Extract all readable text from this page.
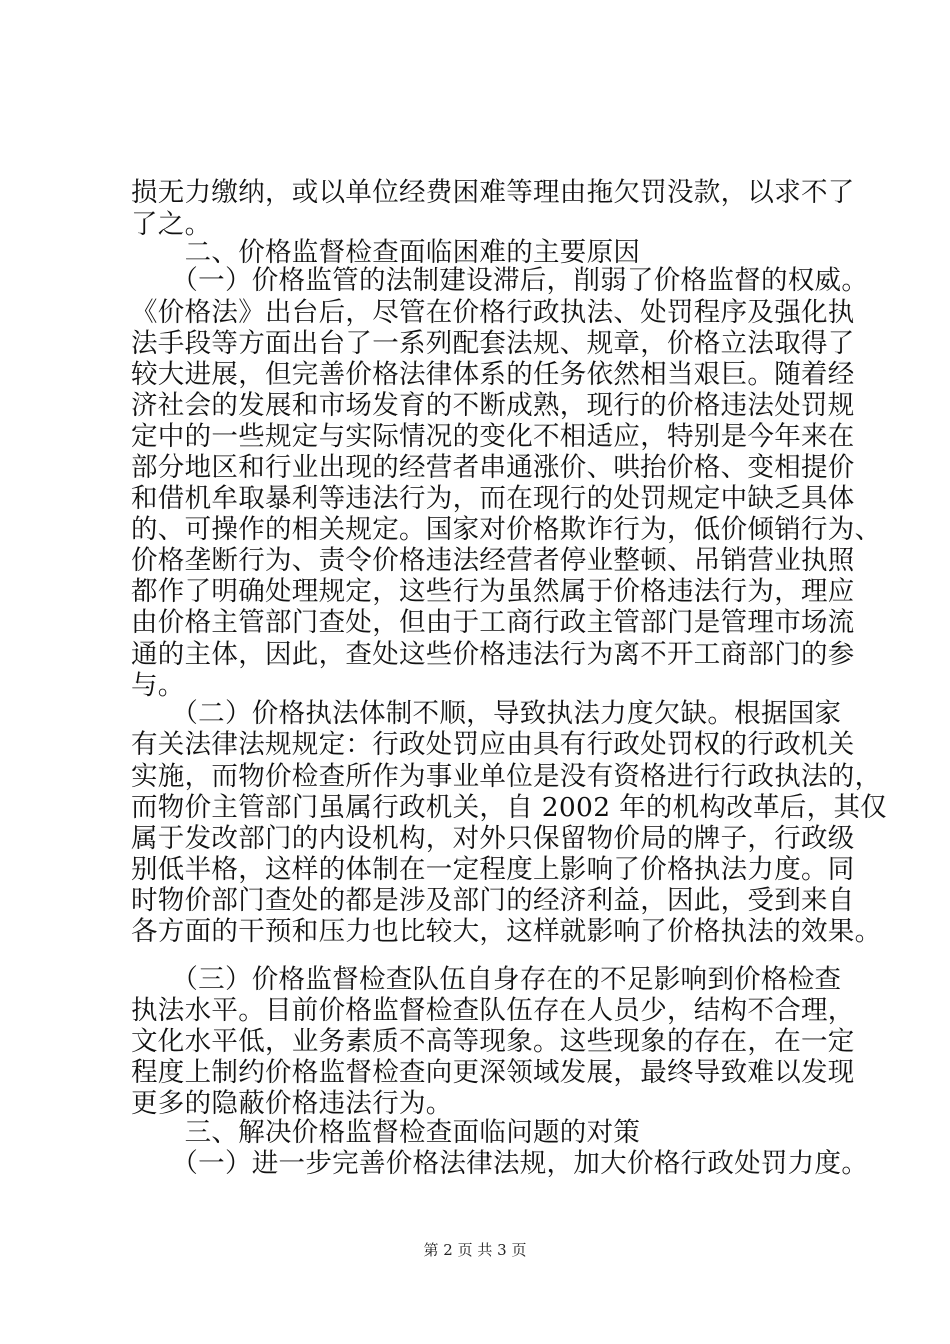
损无力缴纳，或以单位经费困难等理由拖欠罚没款，以求不了
了之。
　　二、价格监督检查面临困难的主要原因
　　（一）价格监管的法制建设滞后，削弱了价格监督的权威。
《价格法》出台后，尽管在价格行政执法、处罚程序及强化执
法手段等方面出台了一系列配套法规、规章，价格立法取得了
较大进展，但完善价格法律体系的任务依然相当艰巨。随着经
济社会的发展和市场发育的不断成熟，现行的价格违法处罚规
定中的一些规定与实际情况的变化不相适应，特别是今年来在
部分地区和行业出现的经营者串通涨价、哄抬价格、变相提价
和借机牟取暴利等违法行为，而在现行的处罚规定中缺乏具体
的、可操作的相关规定。国家对价格欺诈行为，低价倾销行为、
价格垄断行为、责令价格违法经营者停业整顿、吊销营业执照
都作了明确处理规定，这些行为虽然属于价格违法行为，理应
由价格主管部门查处，但由于工商行政主管部门是管理市场流
通的主体，因此，查处这些价格违法行为离不开工商部门的参
与。
　　（二）价格执法体制不顺，导致执法力度欠缺。根据国家
有关法律法规规定：行政处罚应由具有行政处罚权的行政机关
实施，而物价检查所作为事业单位是没有资格进行行政执法的，
而物价主管部门虽属行政机关，自 2002 年的机构改革后，其仅
属于发改部门的内设机构，对外只保留物价局的牌子，行政级
别低半格，这样的体制在一定程度上影响了价格执法力度。同
时物价部门查处的都是涉及部门的经济利益，因此，受到来自
各方面的干预和压力也比较大，这样就影响了价格执法的效果。
　　（三）价格监督检查队伍自身存在的不足影响到价格检查
执法水平。目前价格监督检查队伍存在人员少，结构不合理，
文化水平低，业务素质不高等现象。这些现象的存在，在一定
程度上制约价格监督检查向更深领域发展，最终导致难以发现
更多的隐蔽价格违法行为。
　　三、解决价格监督检查面临问题的对策
　　（一）进一步完善价格法律法规，加大价格行政处罚力度。
第 2 页 共 3 页
